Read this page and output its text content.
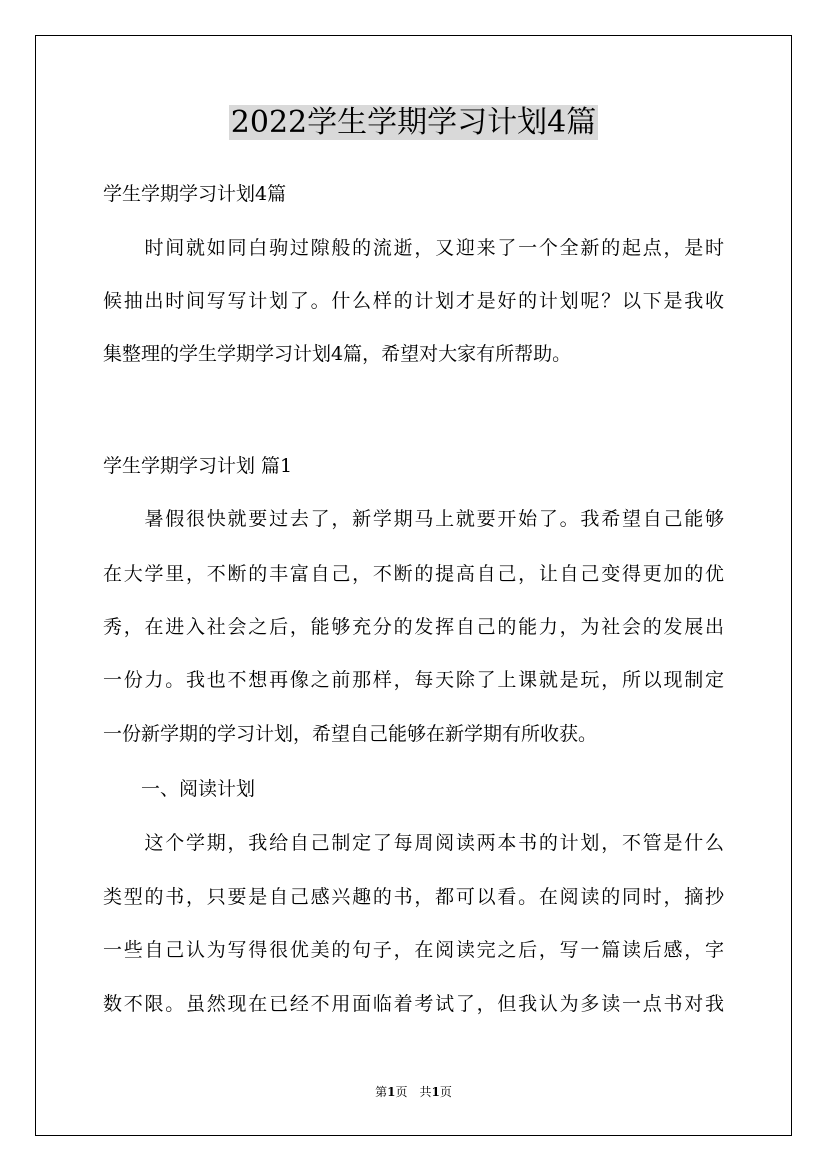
2022学生学期学习计划4篇
学生学期学习计划4篇
　　时间就如同白驹过隙般的流逝，又迎来了一个全新的起点，是时
候抽出时间写写计划了。什么样的计划才是好的计划呢？以下是我收
集整理的学生学期学习计划4篇，希望对大家有所帮助。
学生学期学习计划 篇1
　　暑假很快就要过去了，新学期马上就要开始了。我希望自己能够
在大学里，不断的丰富自己，不断的提高自己，让自己变得更加的优
秀，在进入社会之后，能够充分的发挥自己的能力，为社会的发展出
一份力。我也不想再像之前那样，每天除了上课就是玩，所以现制定
一份新学期的学习计划，希望自己能够在新学期有所收获。
　　一、阅读计划
　　这个学期，我给自己制定了每周阅读两本书的计划，不管是什么
类型的书，只要是自己感兴趣的书，都可以看。在阅读的同时，摘抄
一些自己认为写得很优美的句子，在阅读完之后，写一篇读后感，字
数不限。虽然现在已经不用面临着考试了，但我认为多读一点书对我
第1页　共1页
